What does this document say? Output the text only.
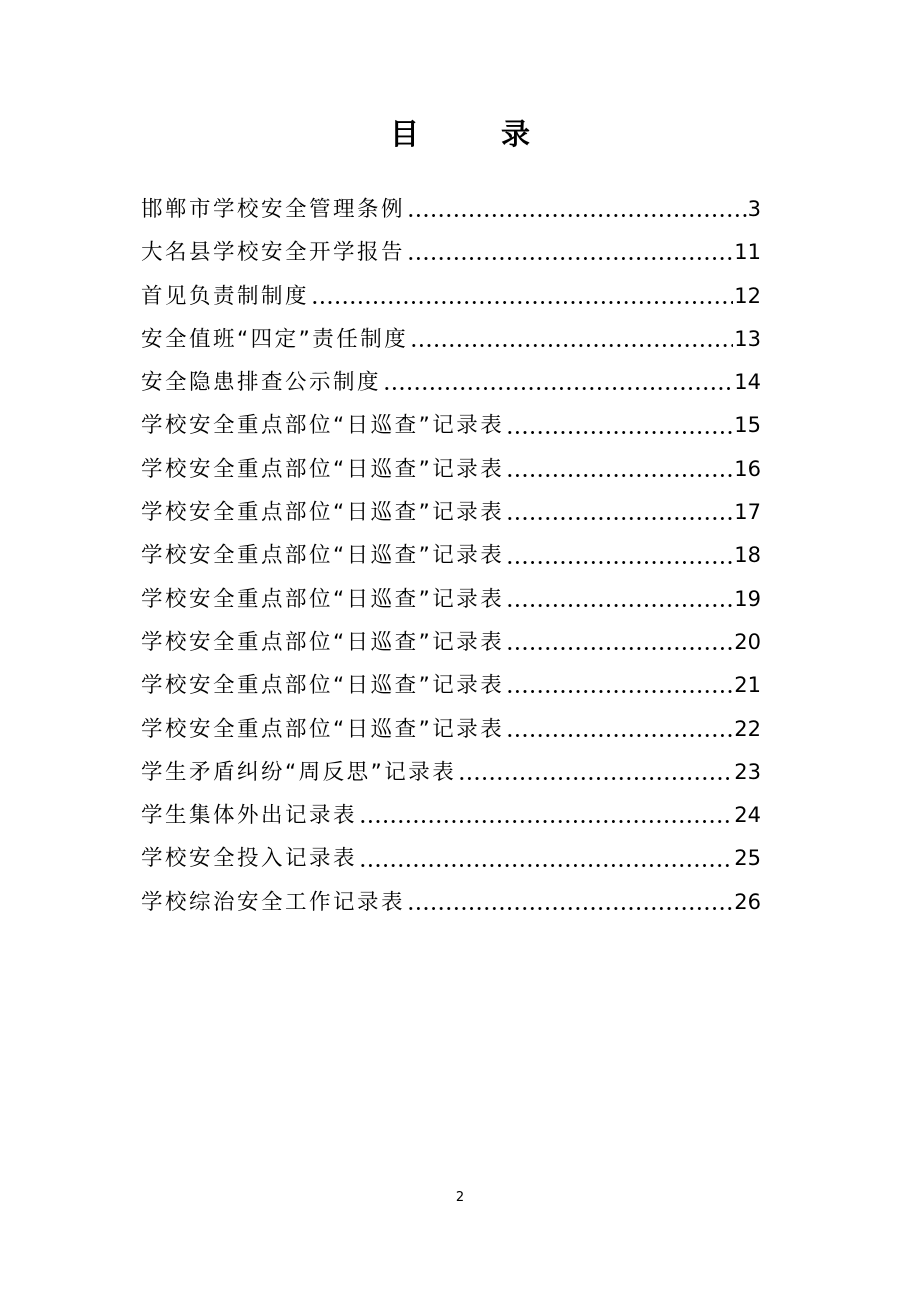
目 录
邯郸市学校安全管理条例	3
大名县学校安全开学报告	11
首见负责制制度	12
安全值班“四定”责任制度	13
安全隐患排查公示制度	14
学校安全重点部位“日巡查”记录表	15
学校安全重点部位“日巡查”记录表	16
学校安全重点部位“日巡查”记录表	17
学校安全重点部位“日巡查”记录表	18
学校安全重点部位“日巡查”记录表	19
学校安全重点部位“日巡查”记录表	20
学校安全重点部位“日巡查”记录表	21
学校安全重点部位“日巡查”记录表	22
学生矛盾纠纷“周反思”记录表	23
学生集体外出记录表	24
学校安全投入记录表	25
学校综治安全工作记录表	26
2
